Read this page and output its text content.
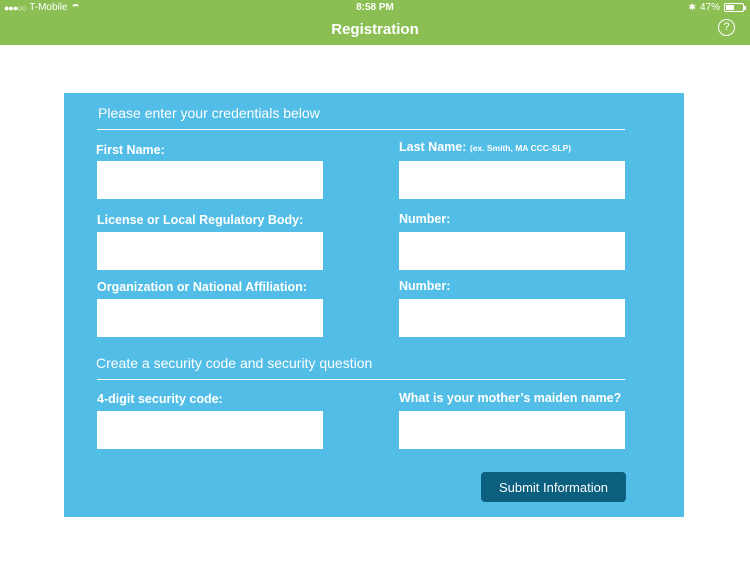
●●●○○ T-Mobile	8:58 PM	✱ 47%
Registration	?
Please enter your credentials below
First Name:	Last Name: (ex. Smith, MA CCC-SLP)
License or Local Regulatory Body:	Number:
Organization or National Affiliation:	Number:
Create a security code and security question
4-digit security code:	What is your mother’s maiden name?
Submit Information
